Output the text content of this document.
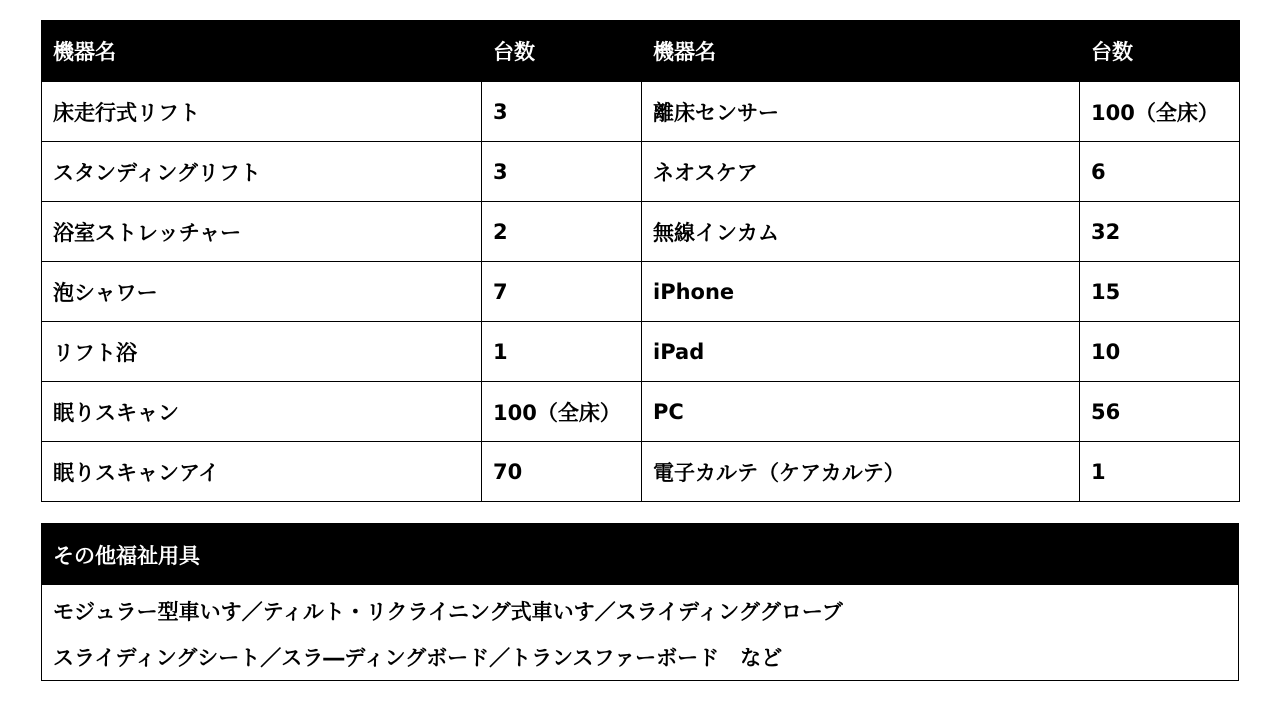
機器名	台数	機器名	台数
床走行式リフト	3	離床センサー	100（全床）
スタンディングリフト	3	ネオスケア	6
浴室ストレッチャー	2	無線インカム	32
泡シャワー	7	iPhone	15
リフト浴	1	iPad	10
眠りスキャン	100（全床）	PC	56
眠りスキャンアイ	70	電子カルテ（ケアカルテ）	1
その他福祉用具
モジュラー型車いす／ティルト・リクライニング式車いす／スライディンググローブ
スライディングシート／スラ―ディングボード／トランスファーボード　など
